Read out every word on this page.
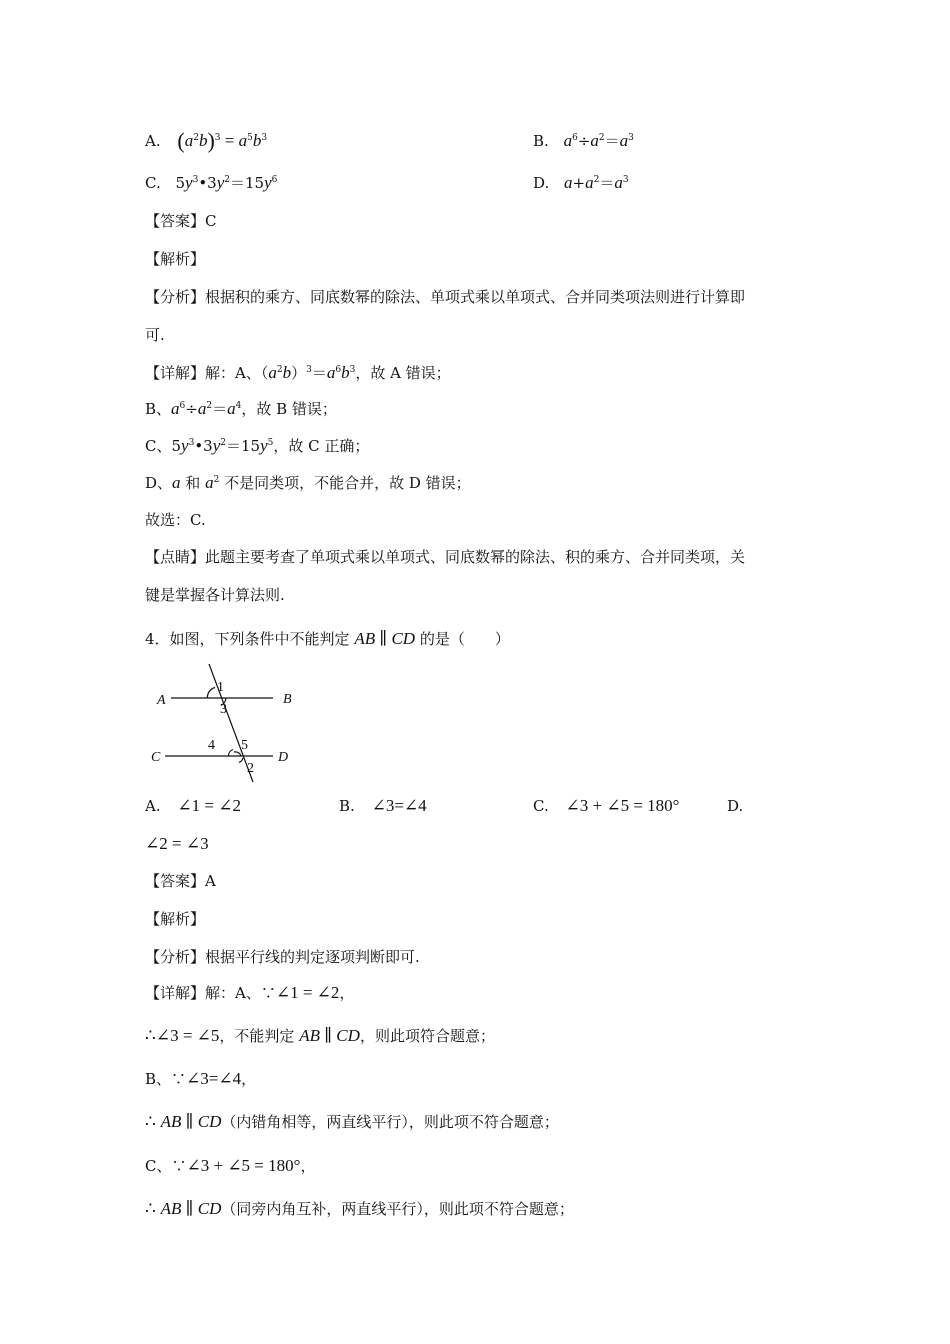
A. $(a^2b)^3 = a^5b^3$	B. $a^6\div a^2=a^3$
C. $5y^3•3y^2=15y^6$	D. $a+a^2=a^3$
【答案】C
【解析】
【分析】根据积的乘方、同底数幂的除法、单项式乘以单项式、合并同类项法则进行计算即
可.
【详解】解：A、$(a^2b)^3=a^6b^3$，故 A 错误；
B、$a^6\div a^2=a^4$，故 B 错误；
C、$5y^3•3y^2=15y^5$，故 C 正确；
D、a 和 $a^2$ 不是同类项，不能合并，故 D 错误；
故选：C.
【点睛】此题主要考查了单项式乘以单项式、同底数幂的除法、积的乘方、合并同类项，关
键是掌握各计算法则.
4．如图，下列条件中不能判定 AB ∥ CD 的是（　　）
A	B
C	D
1
3
4 5
2
A. ∠1 = ∠2	B. ∠3=∠4	C. ∠3 + ∠5 = 180°	D.
∠2 = ∠3
【答案】A
【解析】
【分析】根据平行线的判定逐项判断即可.
【详解】解：A、∵∠1 = ∠2，
∴∠3 = ∠5，不能判定 AB ∥ CD，则此项符合题意；
B、∵∠3=∠4，
∴ AB ∥ CD（内错角相等，两直线平行），则此项不符合题意；
C、∵∠3 + ∠5 = 180°，
∴ AB ∥ CD（同旁内角互补，两直线平行），则此项不符合题意；
